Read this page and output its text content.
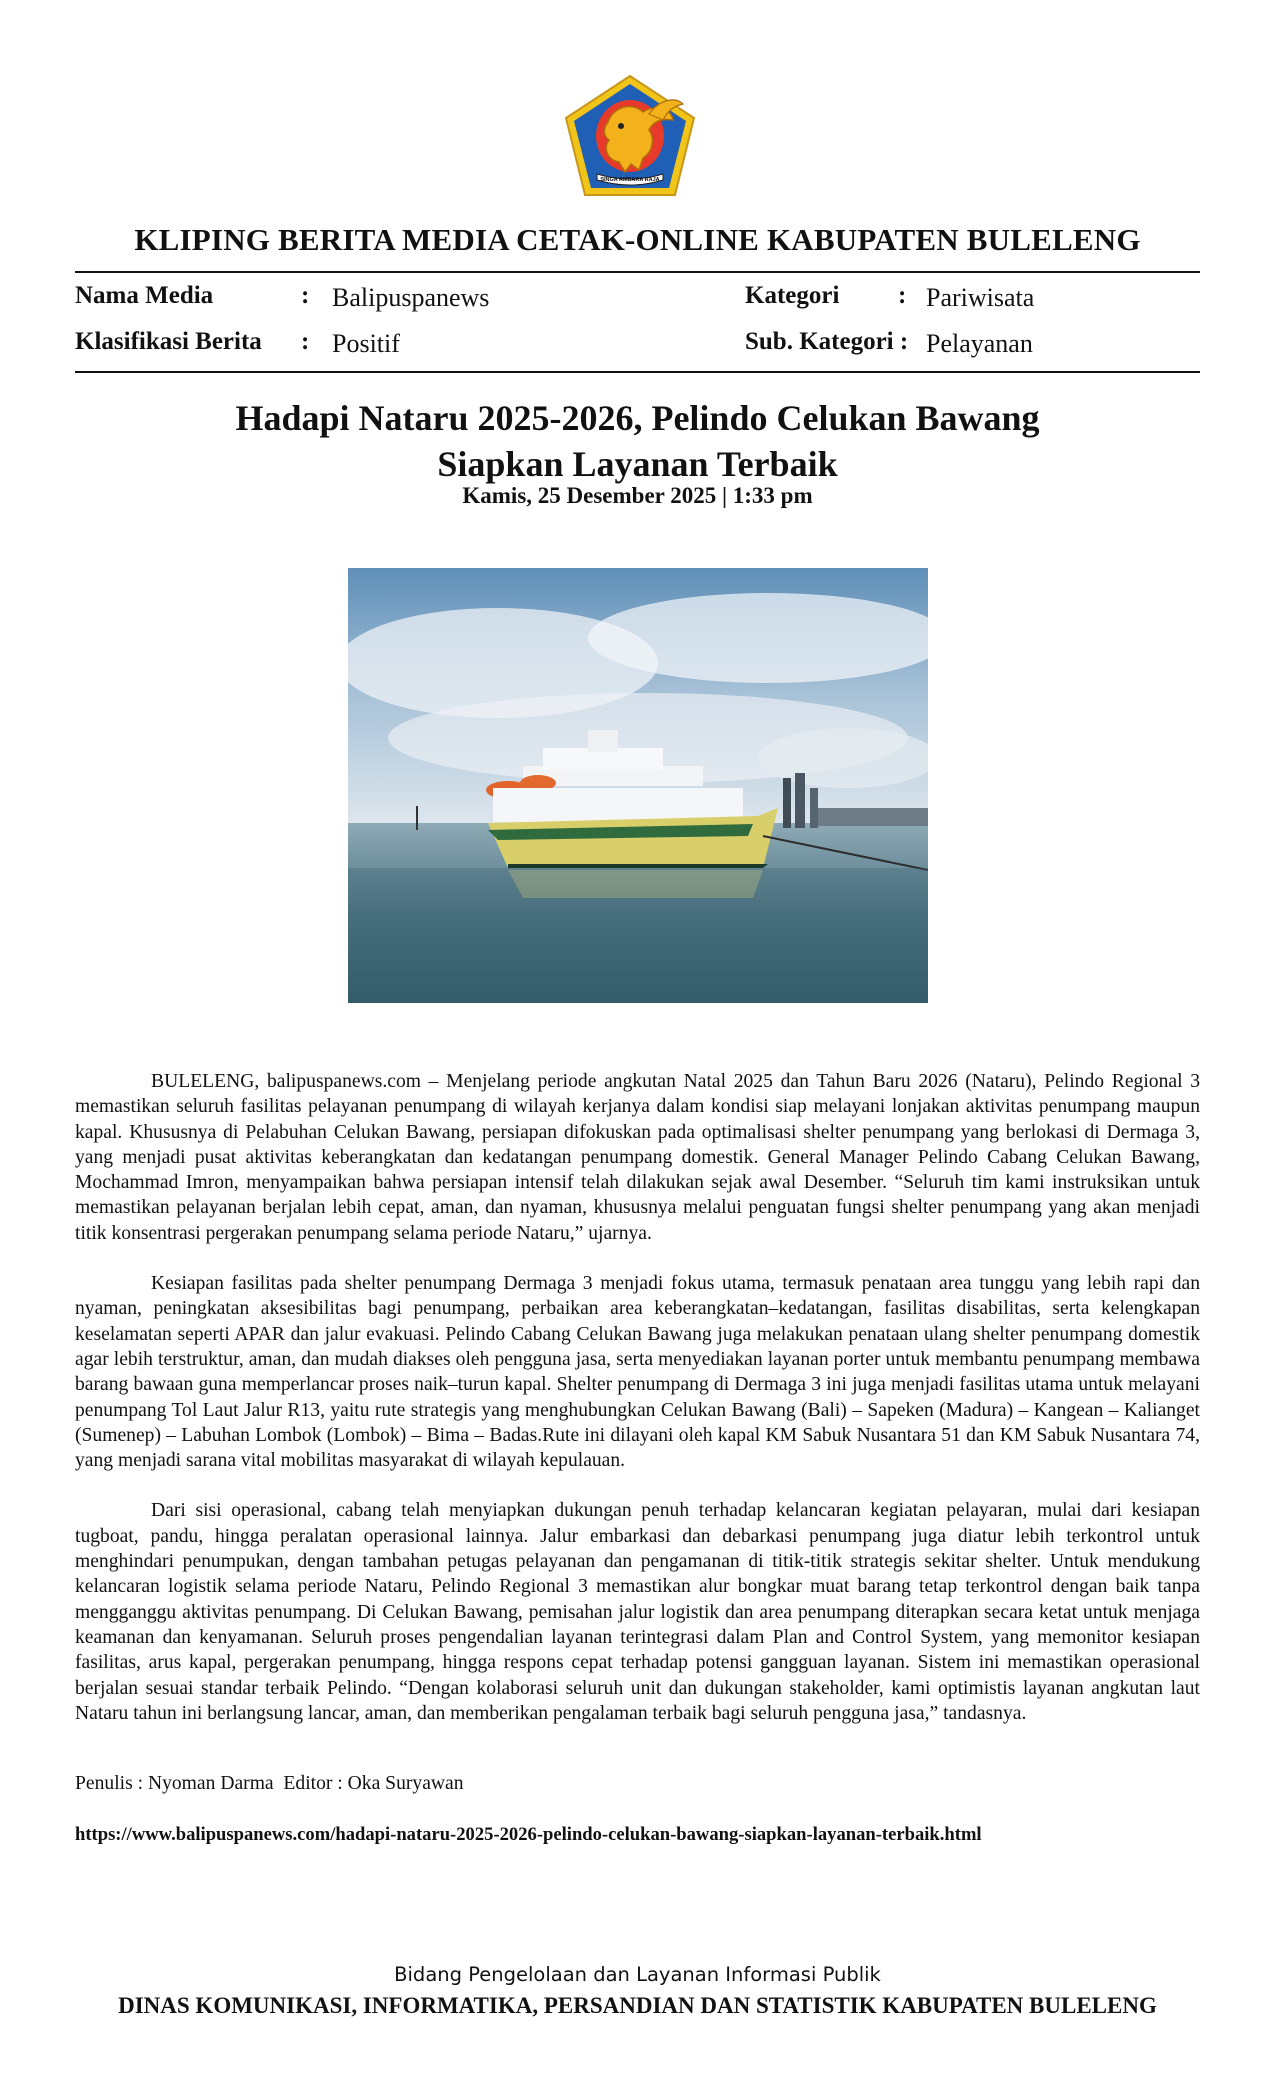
SINGA AMBARA RAJA
KLIPING BERITA MEDIA CETAK-ONLINE KABUPATEN BULELENG
Nama Media	: Balipuspanews
Klasifikasi Berita : Positif
Kategori : Pariwisata
Sub. Kategori : Pelayanan
Hadapi Nataru 2025-2026, Pelindo Celukan Bawang
Siapkan Layanan Terbaik
Kamis, 25 Desember 2025 | 1:33 pm

BULELENG, balipuspanews.com – Menjelang periode angkutan Natal 2025 dan Tahun Baru 2026 (Nataru), Pelindo Regional 3 memastikan seluruh fasilitas pelayanan penumpang di wilayah kerjanya dalam kondisi siap melayani lonjakan aktivitas penumpang maupun kapal. Khususnya di Pelabuhan Celukan Bawang, persiapan difokuskan pada optimalisasi shelter penumpang yang berlokasi di Dermaga 3, yang menjadi pusat aktivitas keberangkatan dan kedatangan penumpang domestik. General Manager Pelindo Cabang Celukan Bawang, Mochammad Imron, menyampaikan bahwa persiapan intensif telah dilakukan sejak awal Desember. “Seluruh tim kami instruksikan untuk memastikan pelayanan berjalan lebih cepat, aman, dan nyaman, khususnya melalui penguatan fungsi shelter penumpang yang akan menjadi titik konsentrasi pergerakan penumpang selama periode Nataru,” ujarnya.

Kesiapan fasilitas pada shelter penumpang Dermaga 3 menjadi fokus utama, termasuk penataan area tunggu yang lebih rapi dan nyaman, peningkatan aksesibilitas bagi penumpang, perbaikan area keberangkatan–kedatangan, fasilitas disabilitas, serta kelengkapan keselamatan seperti APAR dan jalur evakuasi. Pelindo Cabang Celukan Bawang juga melakukan penataan ulang shelter penumpang domestik agar lebih terstruktur, aman, dan mudah diakses oleh pengguna jasa, serta menyediakan layanan porter untuk membantu penumpang membawa barang bawaan guna memperlancar proses naik–turun kapal. Shelter penumpang di Dermaga 3 ini juga menjadi fasilitas utama untuk melayani penumpang Tol Laut Jalur R13, yaitu rute strategis yang menghubungkan Celukan Bawang (Bali) – Sapeken (Madura) – Kangean – Kalianget (Sumenep) – Labuhan Lombok (Lombok) – Bima – Badas.Rute ini dilayani oleh kapal KM Sabuk Nusantara 51 dan KM Sabuk Nusantara 74, yang menjadi sarana vital mobilitas masyarakat di wilayah kepulauan.

Dari sisi operasional, cabang telah menyiapkan dukungan penuh terhadap kelancaran kegiatan pelayaran, mulai dari kesiapan tugboat, pandu, hingga peralatan operasional lainnya. Jalur embarkasi dan debarkasi penumpang juga diatur lebih terkontrol untuk menghindari penumpukan, dengan tambahan petugas pelayanan dan pengamanan di titik-titik strategis sekitar shelter. Untuk mendukung kelancaran logistik selama periode Nataru, Pelindo Regional 3 memastikan alur bongkar muat barang tetap terkontrol dengan baik tanpa mengganggu aktivitas penumpang. Di Celukan Bawang, pemisahan jalur logistik dan area penumpang diterapkan secara ketat untuk menjaga keamanan dan kenyamanan. Seluruh proses pengendalian layanan terintegrasi dalam Plan and Control System, yang memonitor kesiapan fasilitas, arus kapal, pergerakan penumpang, hingga respons cepat terhadap potensi gangguan layanan. Sistem ini memastikan operasional berjalan sesuai standar terbaik Pelindo. “Dengan kolaborasi seluruh unit dan dukungan stakeholder, kami optimistis layanan angkutan laut Nataru tahun ini berlangsung lancar, aman, dan memberikan pengalaman terbaik bagi seluruh pengguna jasa,” tandasnya.

Penulis : Nyoman Darma  Editor : Oka Suryawan
https://www.balipuspanews.com/hadapi-nataru-2025-2026-pelindo-celukan-bawang-siapkan-layanan-terbaik.html
Bidang Pengelolaan dan Layanan Informasi Publik
DINAS KOMUNIKASI, INFORMATIKA, PERSANDIAN DAN STATISTIK KABUPATEN BULELENG
